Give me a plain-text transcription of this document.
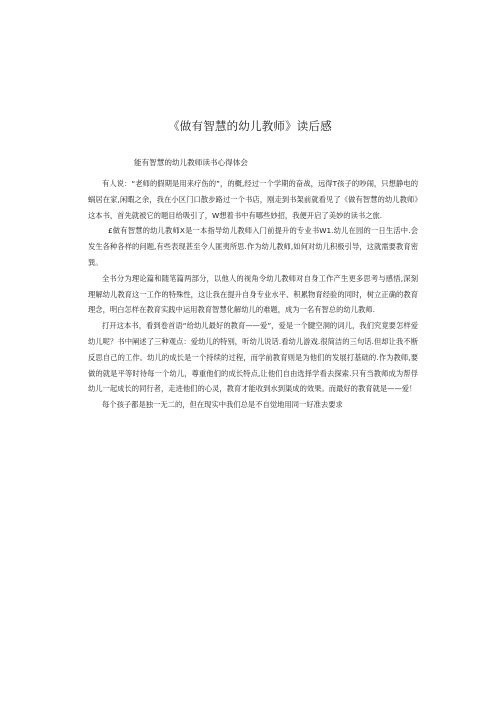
《做有智慧的幼儿教师》读后感
能有智慧的幼儿教师读书心得体会

有人说：“老师的假期是用来疗伤的”，的概,经过一个学期的奋战，远得T孩子的吵闹，只想静电的蜗居在家,闲暇之余，我在小区门口散步路过一个书店，刚走到书架前就看见了《做有智慧的幼儿教师》这本书，首先就被它的题目给吸引了，W想着书中有哪些妙招，我便开启了美妙的读书之旅.

£做有智慧的幼儿教师X是一本指导幼儿教师入门前提升的专业书W1.幼儿在园的一日生活中.会发生各种各样的问题,有些表现甚至令人匪夷所思.作为幼儿教师,如何对幼儿积极引导，这就需要教育密巽。

全书分为理论篇和随笔篇两部分，以他人的视角令幼儿教师对自身工作产生更多思考与感悟,深刻理解幼儿教育这一工作的特殊性，这让我在提升自身专业水平、积累物育经验的同时，树立正确的教育理念，明白怎样在教育实践中运用教育智慧化解幼儿的难题，成为一名有智总的幼儿教师.

打开这本书，看到卷首语“给幼儿最好的教育——爱”，爱是一个腱空洞的词儿，我们究竟要怎样爱幼儿呢？书中阐述了三种观点：爱幼儿的特别，听幼儿说话.看幼儿游戏.很简洁的三句话.但却让我不断反思自己的工作。幼儿的成长是一个持续的过程，而学前教育则是为他们的发展打基础的.作为教师,要做的就是平等时待每一个幼儿，尊重他们的成长特点,让他们自由选择学看去探索.只有当教师成为帮俘幼儿一起成长的同行者，走进他们的心灵，教育才能收到水到渠成的效果。而最好的教育就是——爱！

每个孩子都是独一无二的，但在现实中我们总是不自觉地用同一好准去要求
